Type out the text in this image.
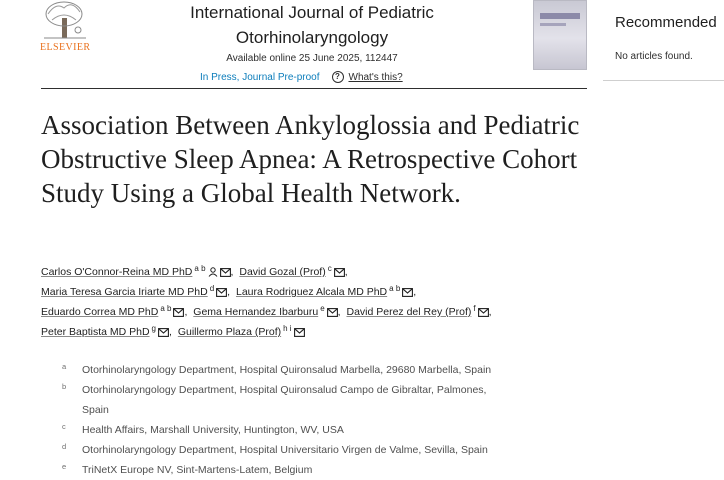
ELSEVIER
International Journal of Pediatric Otorhinolaryngology
Available online 25 June 2025, 112447
In Press, Journal Pre-proof	? What's this?
Recommended
No articles found.
Association Between Ankyloglossia and Pediatric Obstructive Sleep Apnea: A Retrospective Cohort Study Using a Global Health Network.
Carlos O'Connor-Reina MD PhD $^{a b}$ , David Gozal (Prof) $^c$ ,
Maria Teresa Garcia Iriarte MD PhD $^d$ , Laura Rodriguez Alcala MD PhD $^{a b}$ ,
Eduardo Correa MD PhD $^{a b}$ , Gema Hernandez Ibarburu $^e$ , David Perez del Rey (Prof) $^f$ ,
Peter Baptista MD PhD $^g$ , Guillermo Plaza (Prof) $^{h i}$
a Otorhinolaryngology Department, Hospital Quironsalud Marbella, 29680 Marbella, Spain
b Otorhinolaryngology Department, Hospital Quironsalud Campo de Gibraltar, Palmones,
Spain
c Health Affairs, Marshall University, Huntington, WV, USA
d Otorhinolaryngology Department, Hospital Universitario Virgen de Valme, Sevilla, Spain
e TriNetX Europe NV, Sint-Martens-Latem, Belgium
